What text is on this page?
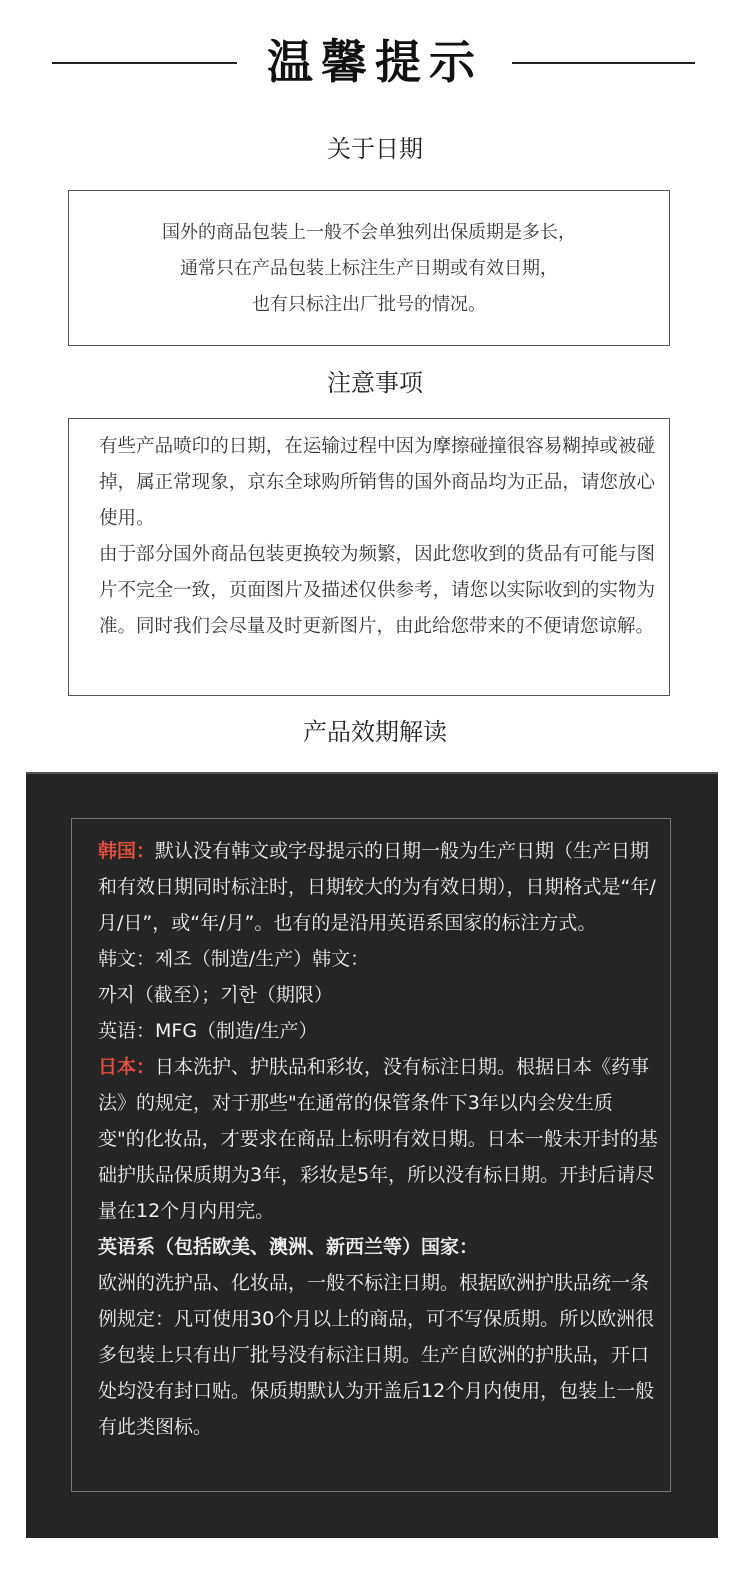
温馨提示
关于日期

国外的商品包装上一般不会单独列出保质期是多长，

通常只在产品包装上标注生产日期或有效日期，

也有只标注出厂批号的情况。

注意事项

有些产品喷印的日期，在运输过程中因为摩擦碰撞很容易糊掉或被碰掉，属正常现象，京东全球购所销售的国外商品均为正品，请您放心使用。

由于部分国外商品包装更换较为频繁，因此您收到的货品有可能与图片不完全一致，页面图片及描述仅供参考，请您以实际收到的实物为准。同时我们会尽量及时更新图片，由此给您带来的不便请您谅解。

产品效期解读

韩国：默认没有韩文或字母提示的日期一般为生产日期（生产日期和有效日期同时标注时，日期较大的为有效日期），日期格式是“年/月/日”，或“年/月”。也有的是沿用英语系国家的标注方式。

韩文：제조（制造/生产）韩文：

까지（截至）；기한（期限）

英语：MFG（制造/生产）

日本：日本洗护、护肤品和彩妆，没有标注日期。根据日本《药事法》的规定，对于那些"在通常的保管条件下3年以内会发生质变"的化妆品，才要求在商品上标明有效日期。日本一般未开封的基础护肤品保质期为3年，彩妆是5年，所以没有标日期。开封后请尽量在12个月内用完。

英语系（包括欧美、澳洲、新西兰等）国家：

欧洲的洗护品、化妆品，一般不标注日期。根据欧洲护肤品统一条例规定：凡可使用30个月以上的商品，可不写保质期。所以欧洲很多包装上只有出厂批号没有标注日期。生产自欧洲的护肤品，开口处均没有封口贴。保质期默认为开盖后12个月内使用，包装上一般有此类图标。
